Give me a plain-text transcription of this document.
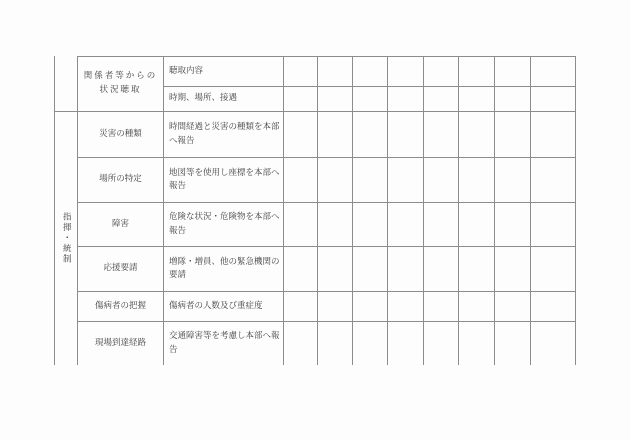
指揮・統制
関係者等からの
状況聴取
聴取内容
時期、場所、接遇
災害の種類
場所の特定
障害
応援要請
傷病者の把握
現場到達経路
時間経過と災害の種類を本部へ報告
地図等を使用し座標を本部へ報告
危険な状況・危険物を本部へ報告
増隊・増員、他の緊急機関の要請
傷病者の人数及び重症度
交通障害等を考慮し本部へ報告
